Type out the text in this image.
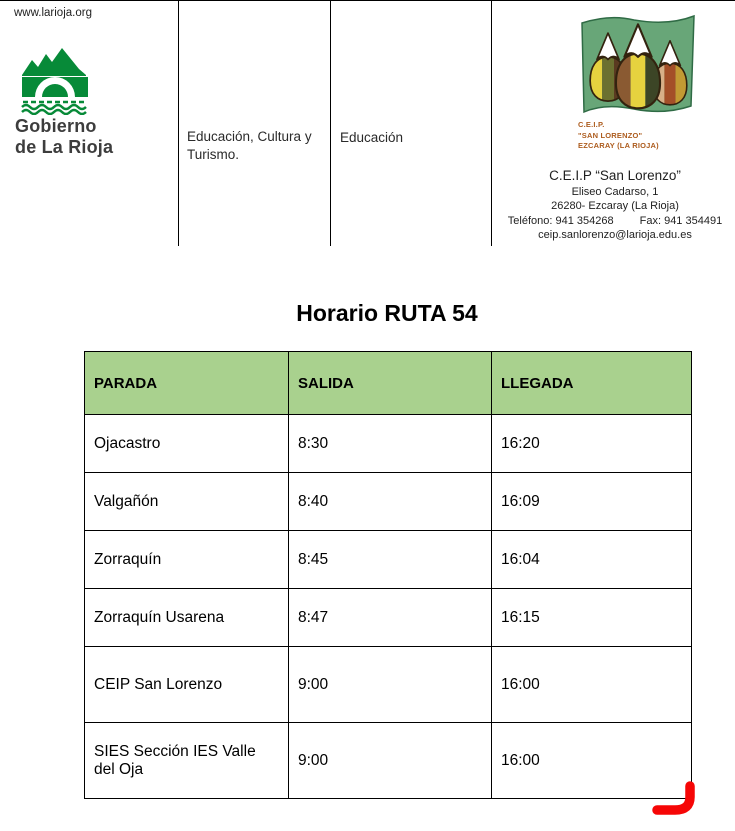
www.larioja.org
Gobierno
de La Rioja
Educación, Cultura y Turismo.
Educación
C.E.I.P.
"SAN LORENZO"
EZCARAY (LA RIOJA)
C.E.I.P “San Lorenzo”
Eliseo Cadarso, 1
26280- Ezcaray (La Rioja)
Teléfono: 941 354268 Fax: 941 354491
ceip.sanlorenzo@larioja.edu.es
Horario RUTA 54
PARADA	SALIDA	LLEGADA
Ojacastro	8:30	16:20
Valgañón	8:40	16:09
Zorraquín	8:45	16:04
Zorraquín Usarena	8:47	16:15
CEIP San Lorenzo	9:00	16:00
SIES Sección IES Valle del Oja	9:00	16:00
